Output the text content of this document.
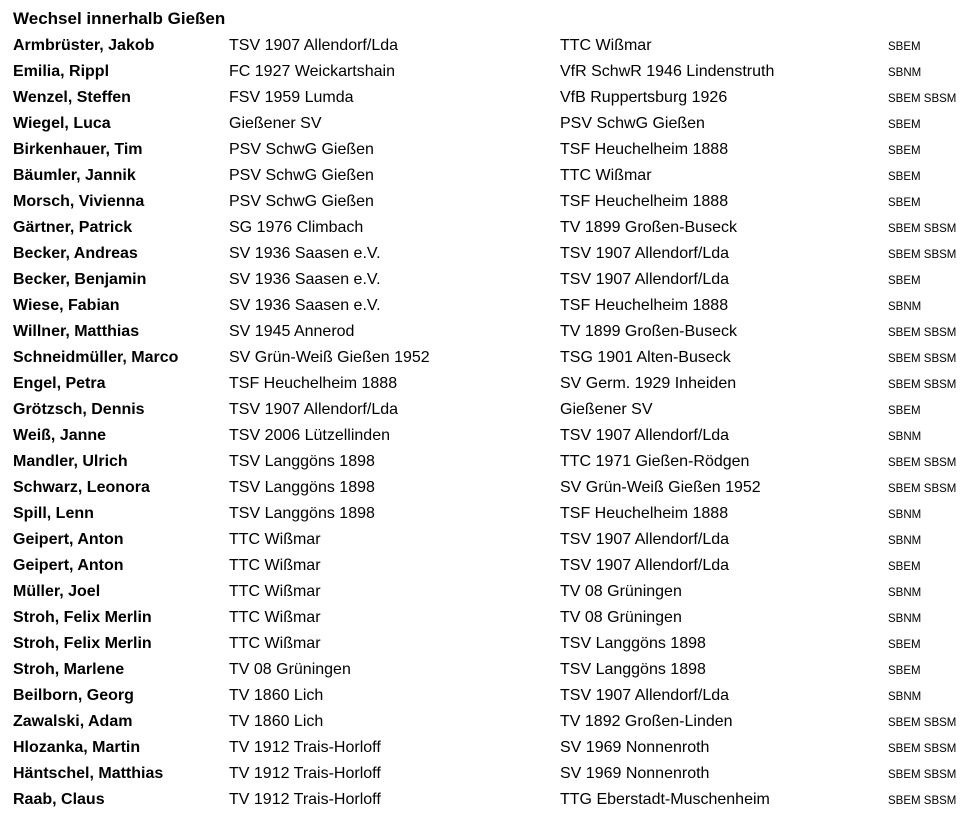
Wechsel innerhalb Gießen
Armbrüster, Jakob	TSV 1907 Allendorf/Lda	TTC Wißmar	SBEM
Emilia, Rippl	FC 1927 Weickartshain	VfR SchwR 1946 Lindenstruth	SBNM
Wenzel, Steffen	FSV 1959 Lumda	VfB Ruppertsburg 1926	SBEM SBSM
Wiegel, Luca	Gießener SV	PSV SchwG Gießen	SBEM
Birkenhauer, Tim	PSV SchwG Gießen	TSF Heuchelheim 1888	SBEM
Bäumler, Jannik	PSV SchwG Gießen	TTC Wißmar	SBEM
Morsch, Vivienna	PSV SchwG Gießen	TSF Heuchelheim 1888	SBEM
Gärtner, Patrick	SG 1976 Climbach	TV 1899 Großen-Buseck	SBEM SBSM
Becker, Andreas	SV 1936 Saasen e.V.	TSV 1907 Allendorf/Lda	SBEM SBSM
Becker, Benjamin	SV 1936 Saasen e.V.	TSV 1907 Allendorf/Lda	SBEM
Wiese, Fabian	SV 1936 Saasen e.V.	TSF Heuchelheim 1888	SBNM
Willner, Matthias	SV 1945 Annerod	TV 1899 Großen-Buseck	SBEM SBSM
Schneidmüller, Marco	SV Grün-Weiß Gießen 1952	TSG 1901 Alten-Buseck	SBEM SBSM
Engel, Petra	TSF Heuchelheim 1888	SV Germ. 1929 Inheiden	SBEM SBSM
Grötzsch, Dennis	TSV 1907 Allendorf/Lda	Gießener SV	SBEM
Weiß, Janne	TSV 2006 Lützellinden	TSV 1907 Allendorf/Lda	SBNM
Mandler, Ulrich	TSV Langgöns 1898	TTC 1971 Gießen-Rödgen	SBEM SBSM
Schwarz, Leonora	TSV Langgöns 1898	SV Grün-Weiß Gießen 1952	SBEM SBSM
Spill, Lenn	TSV Langgöns 1898	TSF Heuchelheim 1888	SBNM
Geipert, Anton	TTC Wißmar	TSV 1907 Allendorf/Lda	SBNM
Geipert, Anton	TTC Wißmar	TSV 1907 Allendorf/Lda	SBEM
Müller, Joel	TTC Wißmar	TV 08 Grüningen	SBNM
Stroh, Felix Merlin	TTC Wißmar	TV 08 Grüningen	SBNM
Stroh, Felix Merlin	TTC Wißmar	TSV Langgöns 1898	SBEM
Stroh, Marlene	TV 08 Grüningen	TSV Langgöns 1898	SBEM
Beilborn, Georg	TV 1860 Lich	TSV 1907 Allendorf/Lda	SBNM
Zawalski, Adam	TV 1860 Lich	TV 1892 Großen-Linden	SBEM SBSM
Hlozanka, Martin	TV 1912 Trais-Horloff	SV 1969 Nonnenroth	SBEM SBSM
Häntschel, Matthias	TV 1912 Trais-Horloff	SV 1969 Nonnenroth	SBEM SBSM
Raab, Claus	TV 1912 Trais-Horloff	TTG Eberstadt-Muschenheim	SBEM SBSM
